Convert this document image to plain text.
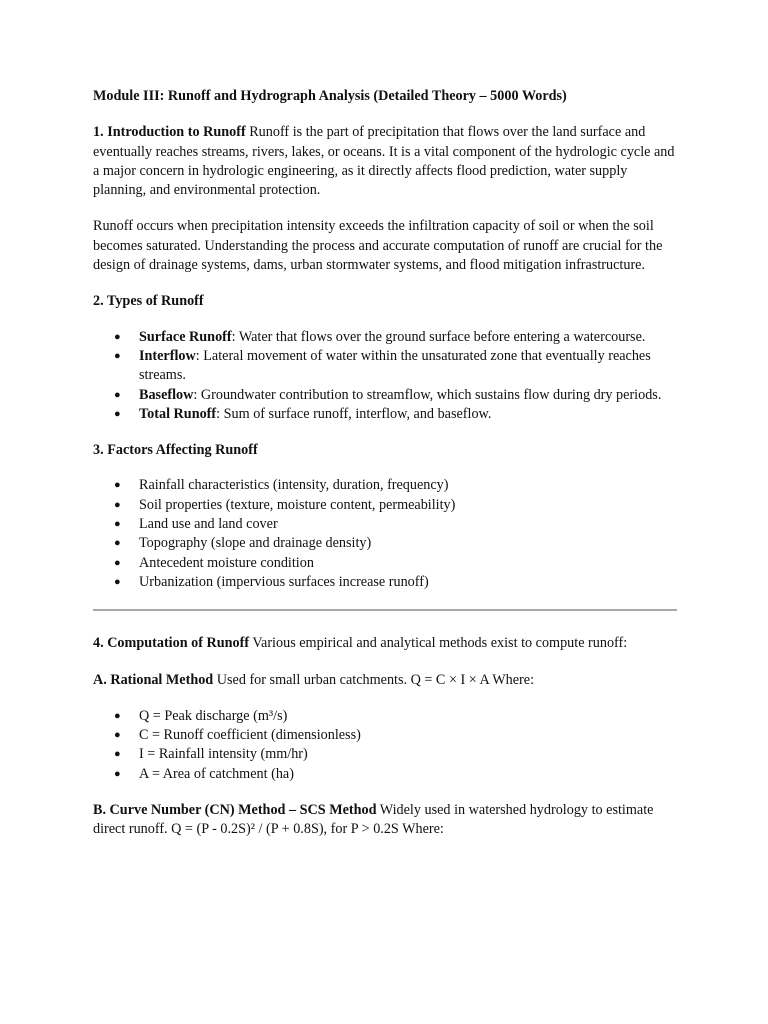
Module III: Runoff and Hydrograph Analysis (Detailed Theory – 5000 Words)

1. Introduction to Runoff Runoff is the part of precipitation that flows over the land surface and eventually reaches streams, rivers, lakes, or oceans. It is a vital component of the hydrologic cycle and a major concern in hydrologic engineering, as it directly affects flood prediction, water supply planning, and environmental protection.

Runoff occurs when precipitation intensity exceeds the infiltration capacity of soil or when the soil becomes saturated. Understanding the process and accurate computation of runoff are crucial for the design of drainage systems, dams, urban stormwater systems, and flood mitigation infrastructure.

2. Types of Runoff

● Surface Runoff: Water that flows over the ground surface before entering a watercourse.
● Interflow: Lateral movement of water within the unsaturated zone that eventually reaches streams.
● Baseflow: Groundwater contribution to streamflow, which sustains flow during dry periods.
● Total Runoff: Sum of surface runoff, interflow, and baseflow.

3. Factors Affecting Runoff

● Rainfall characteristics (intensity, duration, frequency)
● Soil properties (texture, moisture content, permeability)
● Land use and land cover
● Topography (slope and drainage density)
● Antecedent moisture condition
● Urbanization (impervious surfaces increase runoff)

4. Computation of Runoff Various empirical and analytical methods exist to compute runoff:

A. Rational Method Used for small urban catchments. Q = C × I × A Where:

● Q = Peak discharge (m³/s)
● C = Runoff coefficient (dimensionless)
● I = Rainfall intensity (mm/hr)
● A = Area of catchment (ha)

B. Curve Number (CN) Method – SCS Method Widely used in watershed hydrology to estimate direct runoff. Q = (P - 0.2S)² / (P + 0.8S), for P > 0.2S Where:
